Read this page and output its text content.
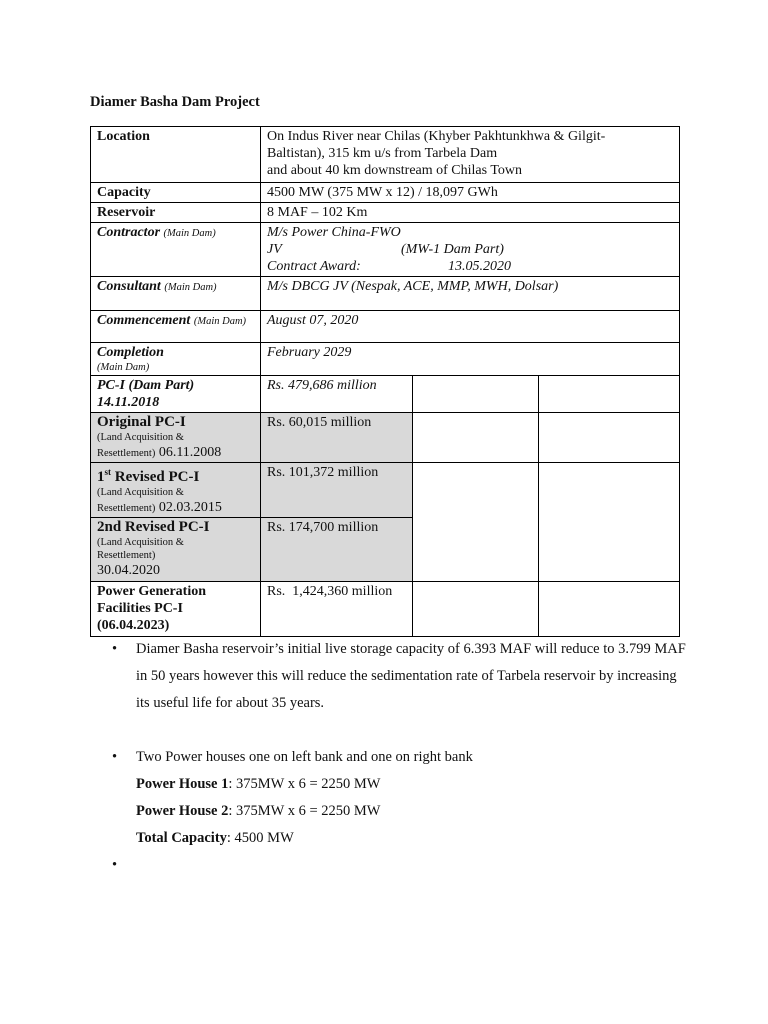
Diamer Basha Dam Project
Location	On Indus River near Chilas (Khyber Pakhtunkhwa & Gilgit-
Baltistan), 315 km u/s from Tarbela Dam
and about 40 km downstream of Chilas Town		

Capacity	4500 MW (375 MW x 12) / 18,097 GWh		
Reservoir	8 MAF – 102 Km		
Contractor (Main Dam)	M/s Power China-FWO JV (MW-1 Dam Part)
Contract Award: 13.05.2020		

Consultant (Main Dam)	M/s DBCG JV (Nespak, ACE, MMP, MWH, Dolsar)		
Commencement (Main Dam)	August 07, 2020		

Completion
(Main Dam)	February 2029		

PC-I (Dam Part)
14.11.2018	Rs. 479,686 million		

Original PC-I
(Land Acquisition &
Resettlement) 06.11.2008	Rs. 60,015 million		

1st Revised PC-I
(Land Acquisition &
Resettlement) 02.03.2015	Rs. 101,372 million		

2nd Revised PC-I
(Land Acquisition &
Resettlement)
30.04.2020	Rs. 174,700 million		

Power Generation
Facilities PC-I
(06.04.2023)	Rs.  1,424,360 million		
• Diamer Basha reservoir’s initial live storage capacity of 6.393 MAF will reduce to 3.799 MAF in 50 years however this will reduce the sedimentation rate of Tarbela reservoir by increasing its useful life for about 35 years.
• Two Power houses one on left bank and one on right bank
Power House 1: 375MW x 6 = 2250 MW
Power House 2: 375MW x 6 = 2250 MW
Total Capacity: 4500 MW
•
